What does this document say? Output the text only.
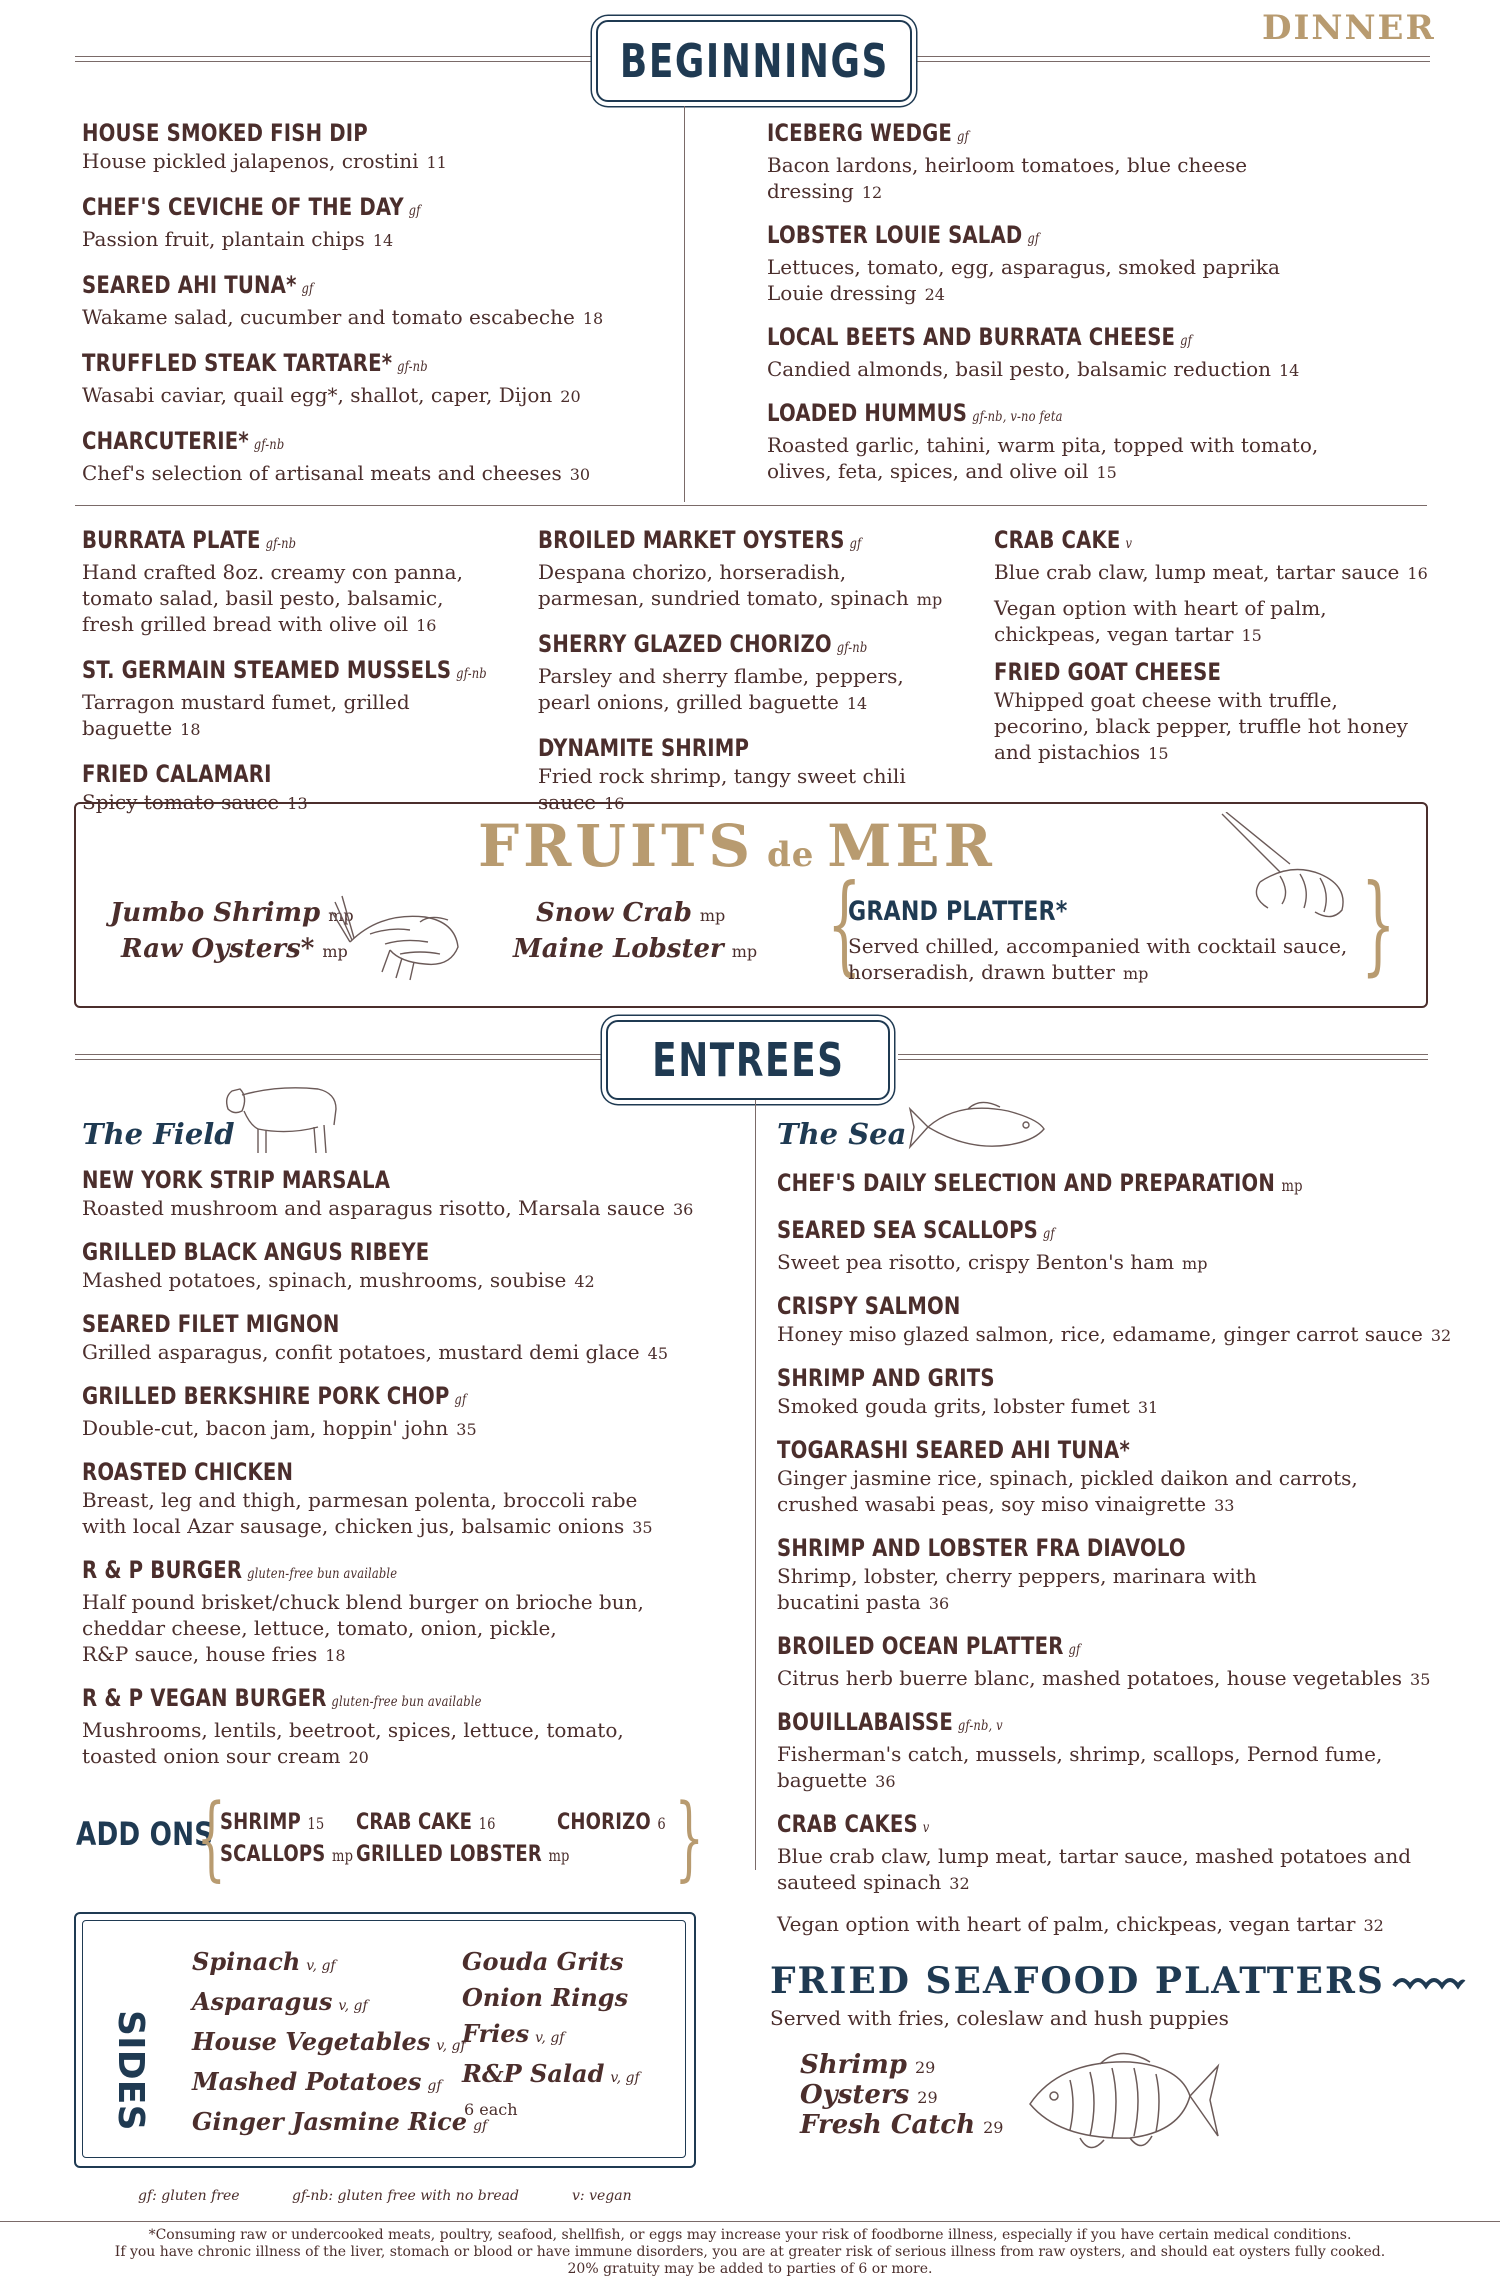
BEGINNINGS
DINNER
HOUSE SMOKED FISH DIP
House pickled jalapenos, crostini 11
CHEF'S CEVICHE OF THE DAY gf
Passion fruit, plantain chips 14
SEARED AHI TUNA* gf
Wakame salad, cucumber and tomato escabeche 18
TRUFFLED STEAK TARTARE* gf-nb
Wasabi caviar, quail egg*, shallot, caper, Dijon 20
CHARCUTERIE* gf-nb
Chef's selection of artisanal meats and cheeses 30
ICEBERG WEDGE gf
Bacon lardons, heirloom tomatoes, blue cheese
dressing 12
LOBSTER LOUIE SALAD gf
Lettuces, tomato, egg, asparagus, smoked paprika
Louie dressing 24
LOCAL BEETS AND BURRATA CHEESE gf
Candied almonds, basil pesto, balsamic reduction 14
LOADED HUMMUS gf-nb, v-no feta
Roasted garlic, tahini, warm pita, topped with tomato,
olives, feta, spices, and olive oil 15
BURRATA PLATE gf-nb
Hand crafted 8oz. creamy con panna,
tomato salad, basil pesto, balsamic,
fresh grilled bread with olive oil 16
ST. GERMAIN STEAMED MUSSELS gf-nb
Tarragon mustard fumet, grilled baguette 18
FRIED CALAMARI
Spicy tomato sauce 13
BROILED MARKET OYSTERS gf
Despana chorizo, horseradish,
parmesan, sundried tomato, spinach mp
SHERRY GLAZED CHORIZO gf-nb
Parsley and sherry flambe, peppers,
pearl onions, grilled baguette 14
DYNAMITE SHRIMP
Fried rock shrimp, tangy sweet chili sauce 16
CRAB CAKE v
Blue crab claw, lump meat, tartar sauce 16
Vegan option with heart of palm,
chickpeas, vegan tartar 15
FRIED GOAT CHEESE
Whipped goat cheese with truffle,
pecorino, black pepper, truffle hot honey
and pistachios 15
FRUITS de MER
Jumbo Shrimp mp
Raw Oysters* mp
Snow Crab mp
Maine Lobster mp {	}
GRAND PLATTER*
Served chilled, accompanied with cocktail sauce,
horseradish, drawn butter mp
ENTREES
The Field	The Sea
NEW YORK STRIP MARSALA
Roasted mushroom and asparagus risotto, Marsala sauce 36
GRILLED BLACK ANGUS RIBEYE
Mashed potatoes, spinach, mushrooms, soubise 42
SEARED FILET MIGNON
Grilled asparagus, confit potatoes, mustard demi glace 45
GRILLED BERKSHIRE PORK CHOP gf
Double-cut, bacon jam, hoppin' john 35
ROASTED CHICKEN
Breast, leg and thigh, parmesan polenta, broccoli rabe
with local Azar sausage, chicken jus, balsamic onions 35
R & P BURGER gluten-free bun available
Half pound brisket/chuck blend burger on brioche bun,
cheddar cheese, lettuce, tomato, onion, pickle,
R&P sauce, house fries 18
R & P VEGAN BURGER gluten-free bun available
Mushrooms, lentils, beetroot, spices, lettuce, tomato,
toasted onion sour cream 20
CHEF'S DAILY SELECTION AND PREPARATION mp
SEARED SEA SCALLOPS gf
Sweet pea risotto, crispy Benton's ham mp
CRISPY SALMON
Honey miso glazed salmon, rice, edamame, ginger carrot sauce 32
SHRIMP AND GRITS
Smoked gouda grits, lobster fumet 31
TOGARASHI SEARED AHI TUNA*
Ginger jasmine rice, spinach, pickled daikon and carrots,
crushed wasabi peas, soy miso vinaigrette 33
SHRIMP AND LOBSTER FRA DIAVOLO
Shrimp, lobster, cherry peppers, marinara with
bucatini pasta 36
BROILED OCEAN PLATTER gf
Citrus herb buerre blanc, mashed potatoes, house vegetables 35
BOUILLABAISSE gf-nb, v
Fisherman's catch, mussels, shrimp, scallops, Pernod fume,
baguette 36
CRAB CAKES v
Blue crab claw, lump meat, tartar sauce, mashed potatoes and
sauteed spinach 32
Vegan option with heart of palm, chickpeas, vegan tartar 32
ADD ONS
{	}
SHRIMP 15 CRAB CAKE 16	CHORIZO 6
SCALLOPS mp GRILLED LOBSTER mp
SIDES
Spinach v, gf
Asparagus v, gf
House Vegetables v, gf
Mashed Potatoes gf
Ginger Jasmine Rice gf
Gouda Grits
Onion Rings
Fries v, gf
R&P Salad v, gf
6 each
FRIED SEAFOOD PLATTERS
Served with fries, coleslaw and hush puppies
Shrimp 29
Oysters 29
Fresh Catch 29
gf: gluten free	gf-nb: gluten free with no bread	v: vegan
*Consuming raw or undercooked meats, poultry, seafood, shellfish, or eggs may increase your risk of foodborne illness, especially if you have certain medical conditions.
If you have chronic illness of the liver, stomach or blood or have immune disorders, you are at greater risk of serious illness from raw oysters, and should eat oysters fully cooked.
20% gratuity may be added to parties of 6 or more.
